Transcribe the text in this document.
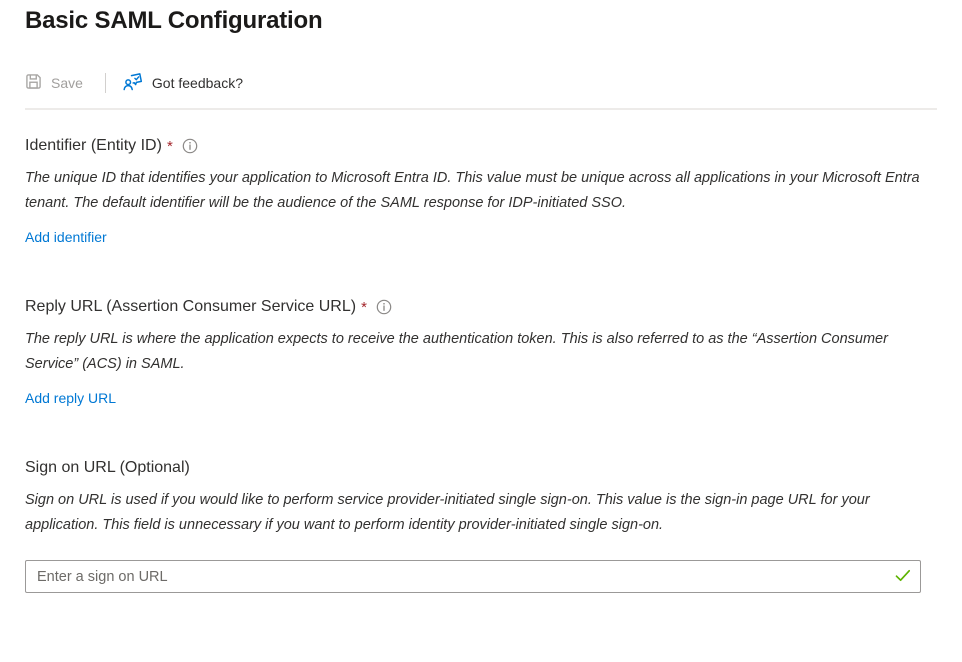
Basic SAML Configuration
Save	Got feedback?
Identifier (Entity ID) *

The unique ID that identifies your application to Microsoft Entra ID. This value must be unique across all applications in your Microsoft Entra tenant. The default identifier will be the audience of the SAML response for IDP-initiated SSO.

Add identifier
Reply URL (Assertion Consumer Service URL) *

The reply URL is where the application expects to receive the authentication token. This is also referred to as the “Assertion Consumer Service” (ACS) in SAML.

Add reply URL
Sign on URL (Optional)

Sign on URL is used if you would like to perform service provider-initiated single sign-on. This value is the sign-in page URL for your application. This field is unnecessary if you want to perform identity provider-initiated single sign-on.

Enter a sign on URL
